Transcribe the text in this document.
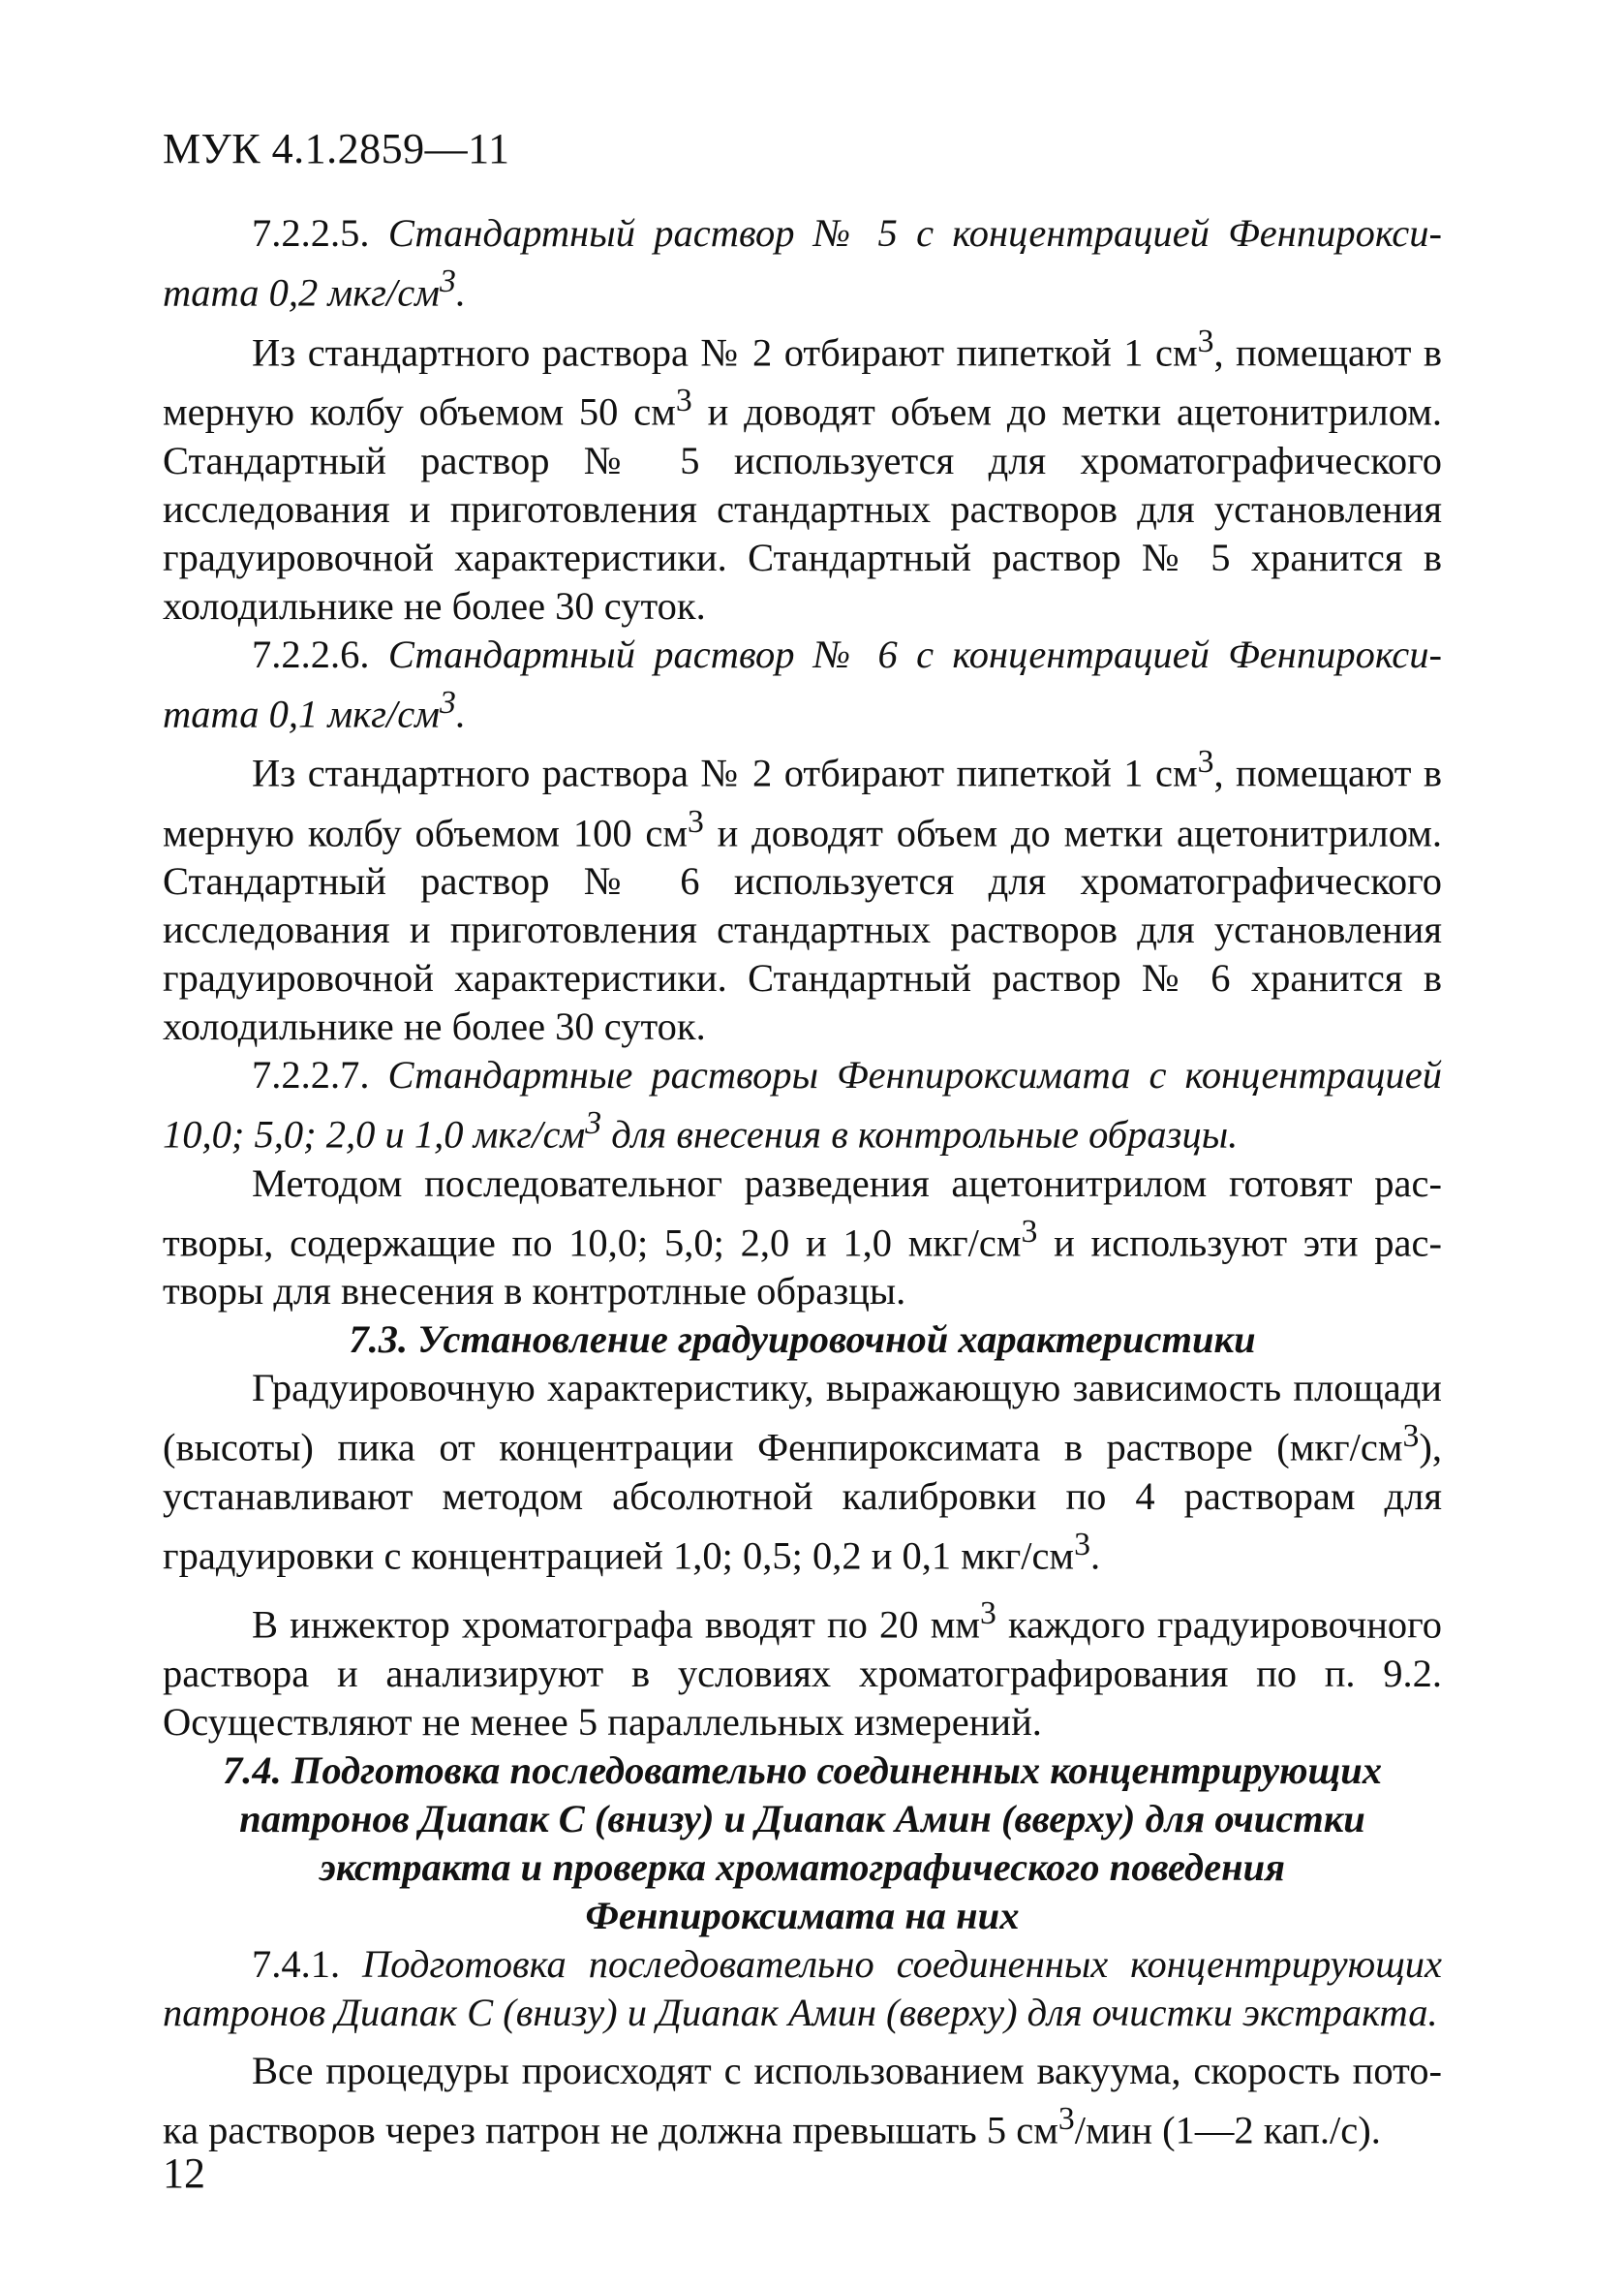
МУК 4.1.2859—11

7.2.2.5. Стандартный раствор № 5 с концентрацией Фенпироксиmата 0,2 мкг/$см^3$.

Из стандартного раствора № 2 отбирают пипеткой 1 $см^3$, помещают в мерную колбу объемом 50 $см^3$ и доводят объем до метки ацетонитрилом. Стандартный раствор № 5 используется для хроматографического исследования и приготовления стандартных растворов для установления градуировочной характеристики. Стандартный раствор № 5 хранится в холодильнике не более 30 суток.

7.2.2.6. Стандартный раствор № 6 с концентрацией Фенпироксиmата 0,1 мкг/$см^3$.

Из стандартного раствора № 2 отбирают пипеткой 1 $см^3$, помещают в мерную колбу объемом 100 $см^3$ и доводят объем до метки ацетонитрилом. Стандартный раствор № 6 используется для хроматографического исследования и приготовления стандартных растворов для установления градуировочной характеристики. Стандартный раствор № 6 хранится в холодильнике не более 30 суток.

7.2.2.7. Стандартные растворы Фенпироксимата с концентрацией 10,0; 5,0; 2,0 и 1,0 мкг/$см^3$ для внесения в контрольные образцы.

Методом последовательног разведения ацетонитрилом готовят растворы, содержащие по 10,0; 5,0; 2,0 и 1,0 мкг/$см^3$ и используют эти растворы для внесения в контротлные образцы.

7.3. Установление градуировочной характеристики

Градуировочную характеристику, выражающую зависимость площади (высоты) пика от концентрации Фенпироксимата в растворе $(мкг/см^3)$, устанавливают методом абсолютной калибровки по 4 растворам для градуировки с концентрацией 1,0; 0,5; 0,2 и 0,1 мкг/$см^3$.

В инжектор хроматографа вводят по 20 $мм^3$ каждого градуировочного раствора и анализируют в условиях хроматографирования по п. 9.2. Осуществляют не менее 5 параллельных измерений.

7.4. Подготовка последовательно соединенных концентрирующих патронов Диапак С (внизу) и Диапак Амин (вверху) для очистки экстракта и проверка хроматографического поведения Фенпироксимата на них

7.4.1. Подготовка последовательно соединенных концентрирующих патронов Диапак С (внизу) и Диапак Амин (вверху) для очистки экстракта.

Все процедуры происходят с использованием вакуума, скорость потока растворов через патрон не должна превышать 5 $см^3$/мин (1—2 кап./с).

12
